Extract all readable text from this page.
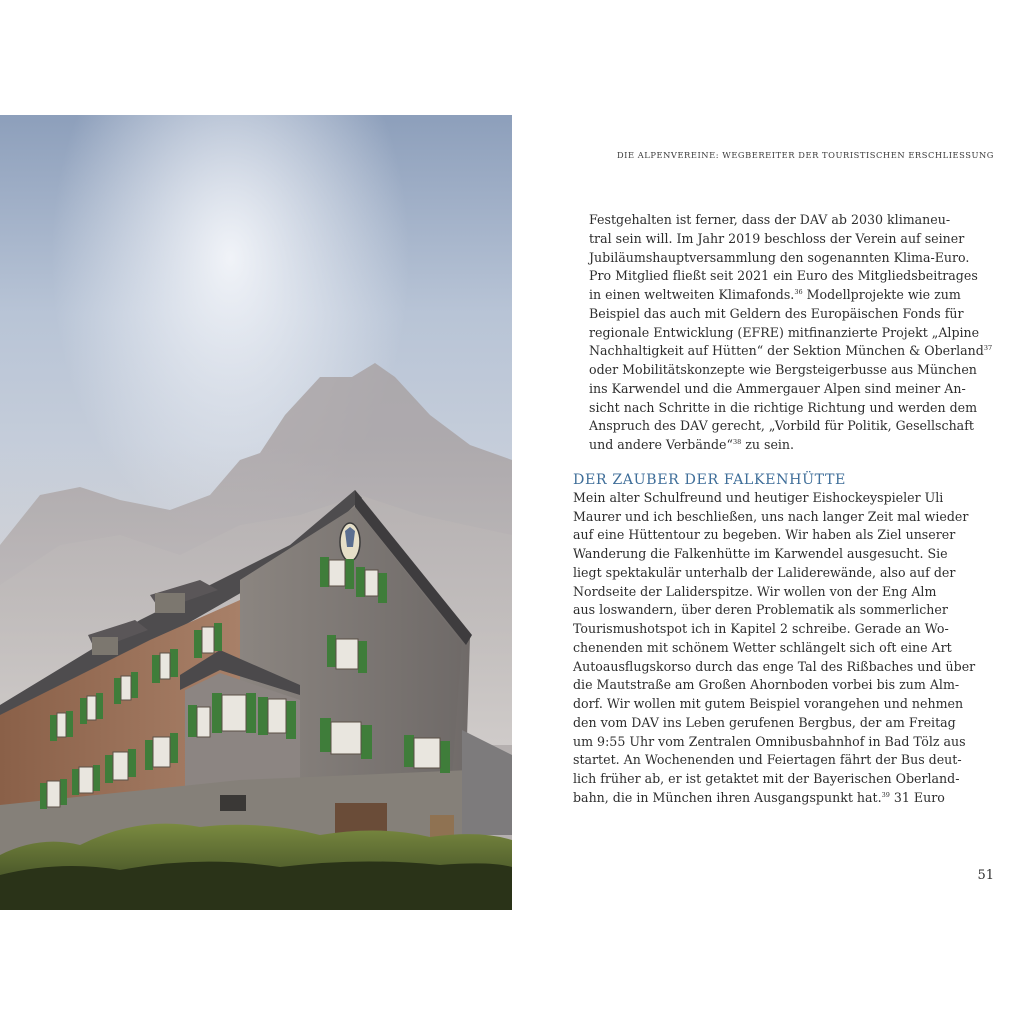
DIE ALPENVEREINE: WEGBEREITER DER TOURISTISCHEN ERSCHLIESSUNG

Festgehalten ist ferner, dass der DAV ab 2030 klimaneu-
tral sein will. Im Jahr 2019 beschloss der Verein auf seiner
Jubiläumshauptversammlung den sogenannten Klima-Euro.
Pro Mitglied fließt seit 2021 ein Euro des Mitgliedsbeitrages
in einen weltweiten Klimafonds.$^{36}$ Modellprojekte wie zum
Beispiel das auch mit Geldern des Europäischen Fonds für
regionale Entwicklung (EFRE) mitfinanzierte Projekt „Alpine
Nachhaltigkeit auf Hütten“ der Sektion München & Oberland$^{37}$
oder Mobilitätskonzepte wie Bergsteigerbusse aus München
ins Karwendel und die Ammergauer Alpen sind meiner An-
sicht nach Schritte in die richtige Richtung und werden dem
Anspruch des DAV gerecht, „Vorbild für Politik, Gesellschaft
und andere Verbände“$^{38}$ zu sein.

DER ZAUBER DER FALKENHÜTTE

Mein alter Schulfreund und heutiger Eishockeyspieler Uli
Maurer und ich beschließen, uns nach langer Zeit mal wieder
auf eine Hüttentour zu begeben. Wir haben als Ziel unserer
Wanderung die Falkenhütte im Karwendel ausgesucht. Sie
liegt spektakulär unterhalb der Laliderewände, also auf der
Nordseite der Laliderspitze. Wir wollen von der Eng Alm
aus loswandern, über deren Problematik als sommerlicher
Tourismushotspot ich in Kapitel 2 schreibe. Gerade an Wo-
chenenden mit schönem Wetter schlängelt sich oft eine Art
Autoausflugskorso durch das enge Tal des Rißbaches und über
die Mautstraße am Großen Ahornboden vorbei bis zum Alm-
dorf. Wir wollen mit gutem Beispiel vorangehen und nehmen
den vom DAV ins Leben gerufenen Bergbus, der am Freitag
um 9:55 Uhr vom Zentralen Omnibusbahnhof in Bad Tölz aus
startet. An Wochenenden und Feiertagen fährt der Bus deut-
lich früher ab, er ist getaktet mit der Bayerischen Oberland-
bahn, die in München ihren Ausgangspunkt hat.$^{39}$ 31 Euro

51
